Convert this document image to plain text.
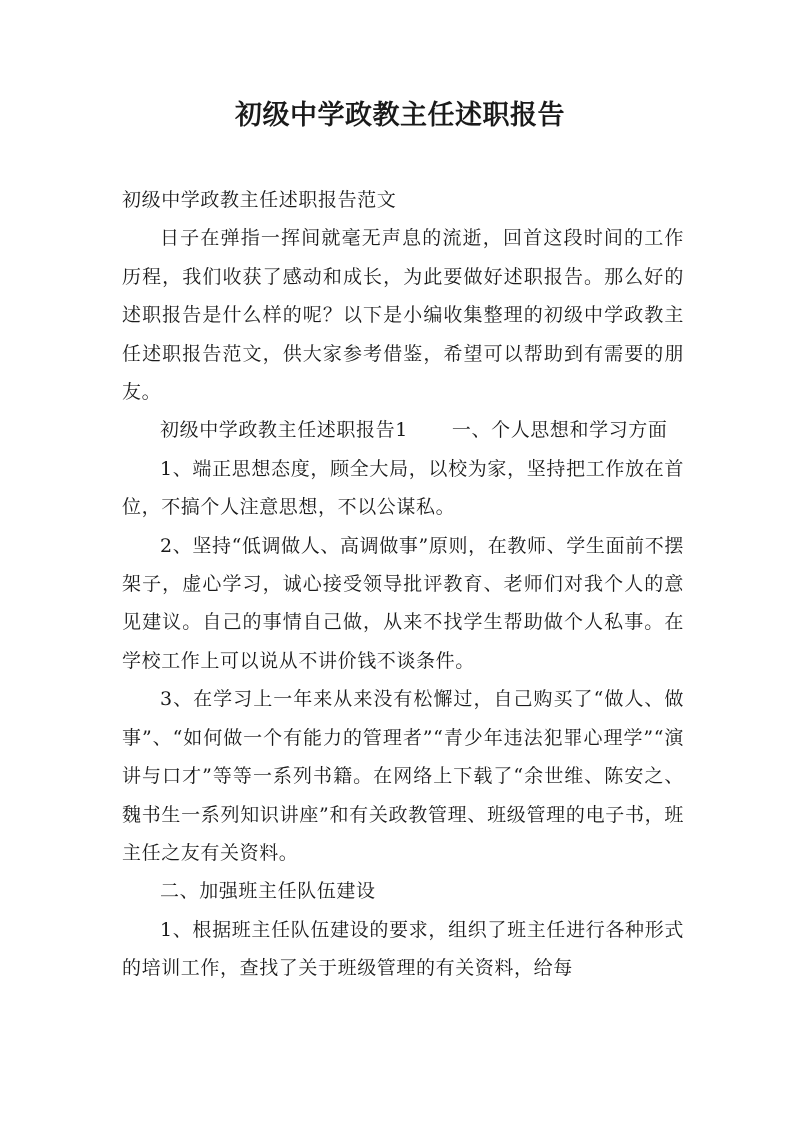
初级中学政教主任述职报告

初级中学政教主任述职报告范文

日子在弹指一挥间就毫无声息的流逝，回首这段时间的工作历程，我们收获了感动和成长，为此要做好述职报告。那么好的述职报告是什么样的呢？以下是小编收集整理的初级中学政教主任述职报告范文，供大家参考借鉴，希望可以帮助到有需要的朋友。

初级中学政教主任述职报告1 一、个人思想和学习方面

1、端正思想态度，顾全大局，以校为家，坚持把工作放在首位，不搞个人注意思想，不以公谋私。

2、坚持“低调做人、高调做事”原则，在教师、学生面前不摆架子，虚心学习，诚心接受领导批评教育、老师们对我个人的意见建议。自己的事情自己做，从来不找学生帮助做个人私事。在学校工作上可以说从不讲价钱不谈条件。

3、在学习上一年来从来没有松懈过，自己购买了“做人、做事”、“如何做一个有能力的管理者”“青少年违法犯罪心理学”“演讲与口才”等等一系列书籍。在网络上下载了“余世维、陈安之、魏书生一系列知识讲座”和有关政教管理、班级管理的电子书，班主任之友有关资料。

二、加强班主任队伍建设

1、根据班主任队伍建设的要求，组织了班主任进行各种形式的培训工作，查找了关于班级管理的有关资料，给每
